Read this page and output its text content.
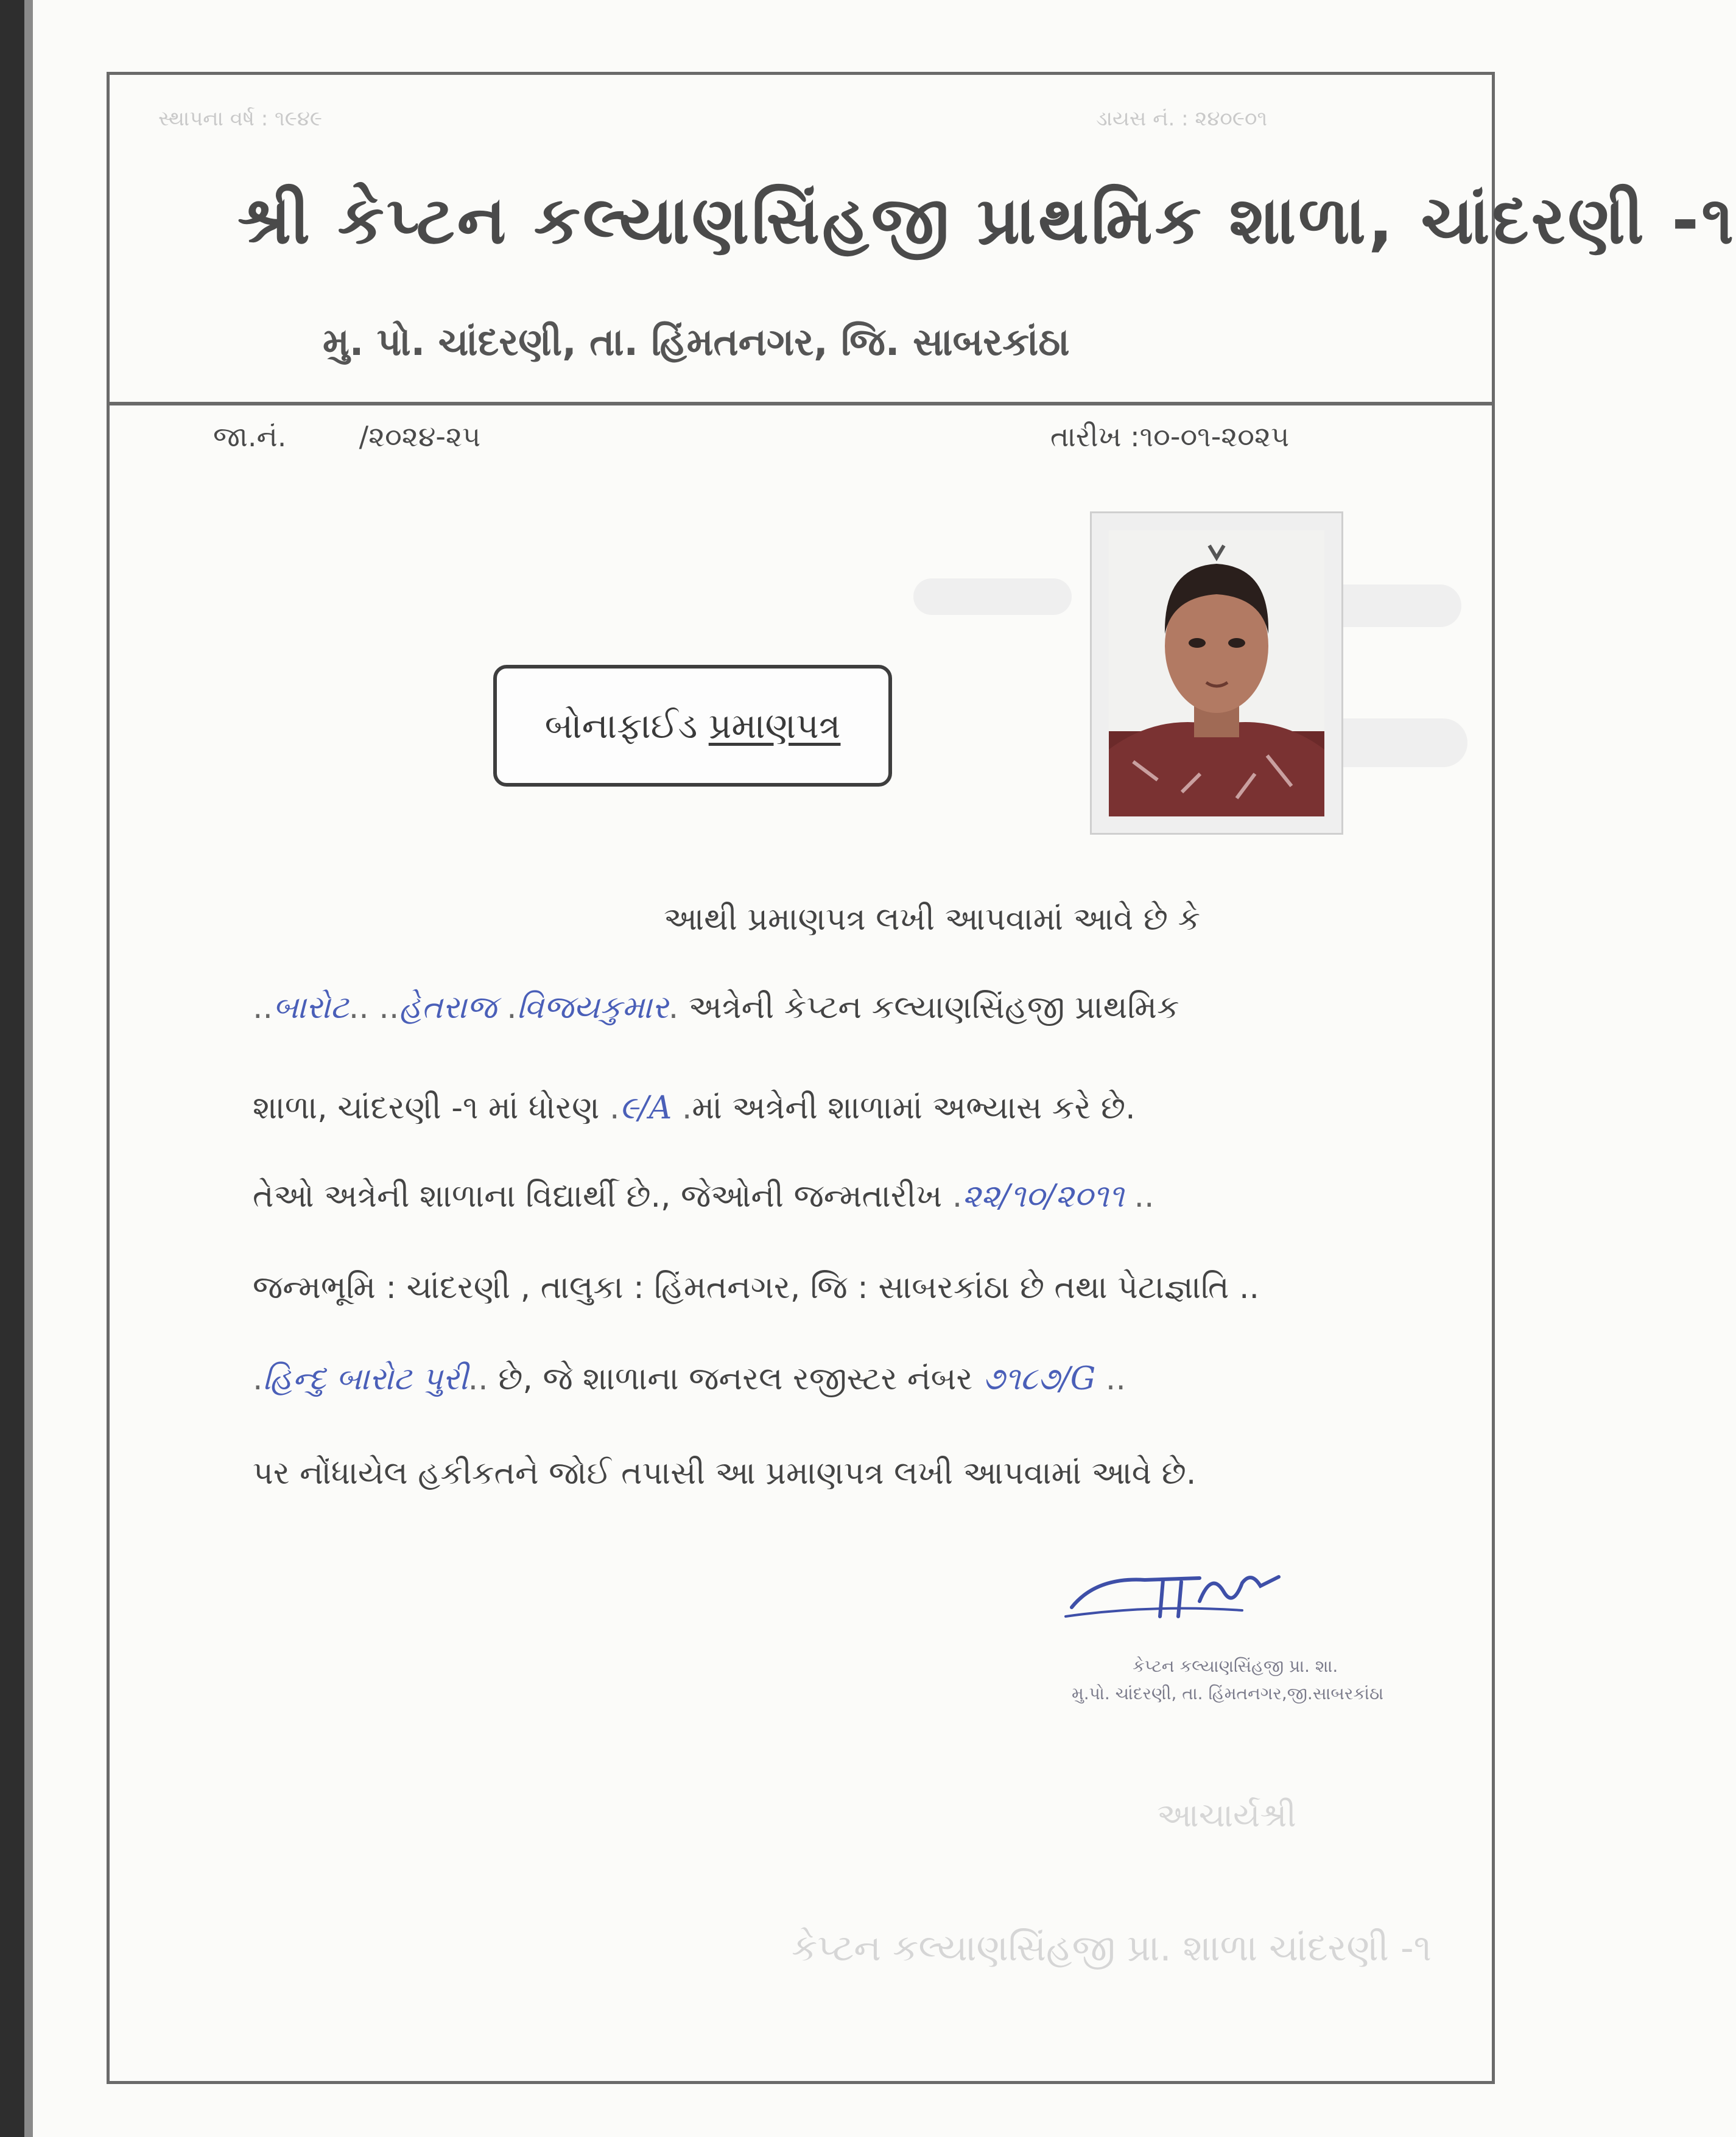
સ્થાપના વર્ષ : ૧૯૪૯	ડાયસ નં. : ૨૪૦૯૦૧
શ્રી કેપ્ટન કલ્યાણસિંહજી પ્રાથમિક શાળા, ચાંદરણી -૧
મુ. પો. ચાંદરણી, તા. હિંમતનગર, જિ. સાબરકાંઠા
જા.નં.	/૨૦૨૪-૨૫	તારીખ :૧૦-૦૧-૨૦૨૫
બોનાફાઈડ પ્રમાણપત્ર
આથી પ્રમાણપત્ર લખી આપવામાં આવે છે કે
..બારોટ.. ..હેતરાજ .વિજયકુમાર. અત્રેની કેપ્ટન કલ્યાણસિંહજી પ્રાથમિક
શાળા, ચાંદરણી -૧ માં ધોરણ .૯/A .માં અત્રેની શાળામાં અભ્યાસ કરે છે.
તેઓ અત્રેની શાળાના વિદ્યાર્થી છે., જેઓની જન્મતારીખ .૨૨/૧૦/૨૦૧૧ ..
જન્મભૂમિ : ચાંદરણી , તાલુકા : હિંમતનગર, જિ : સાબરકાંઠા છે તથા પેટાજ્ઞાતિ ..
.હિન્દુ બારોટ પુરી.. છે, જે શાળાના જનરલ રજીસ્ટર નંબર ૭૧૮૭/G ..
પર નોંધાયેલ હકીકતને જોઈ તપાસી આ પ્રમાણપત્ર લખી આપવામાં આવે છે.
કેપ્ટન કલ્યાણસિંહજી પ્રા. શા.
મુ.પો. ચાંદરણી, તા. હિંમતનગર,જી.સાબરકાંઠા
આચાર્યશ્રી
કેપ્ટન કલ્યાણસિંહજી પ્રા. શાળા ચાંદરણી -૧
